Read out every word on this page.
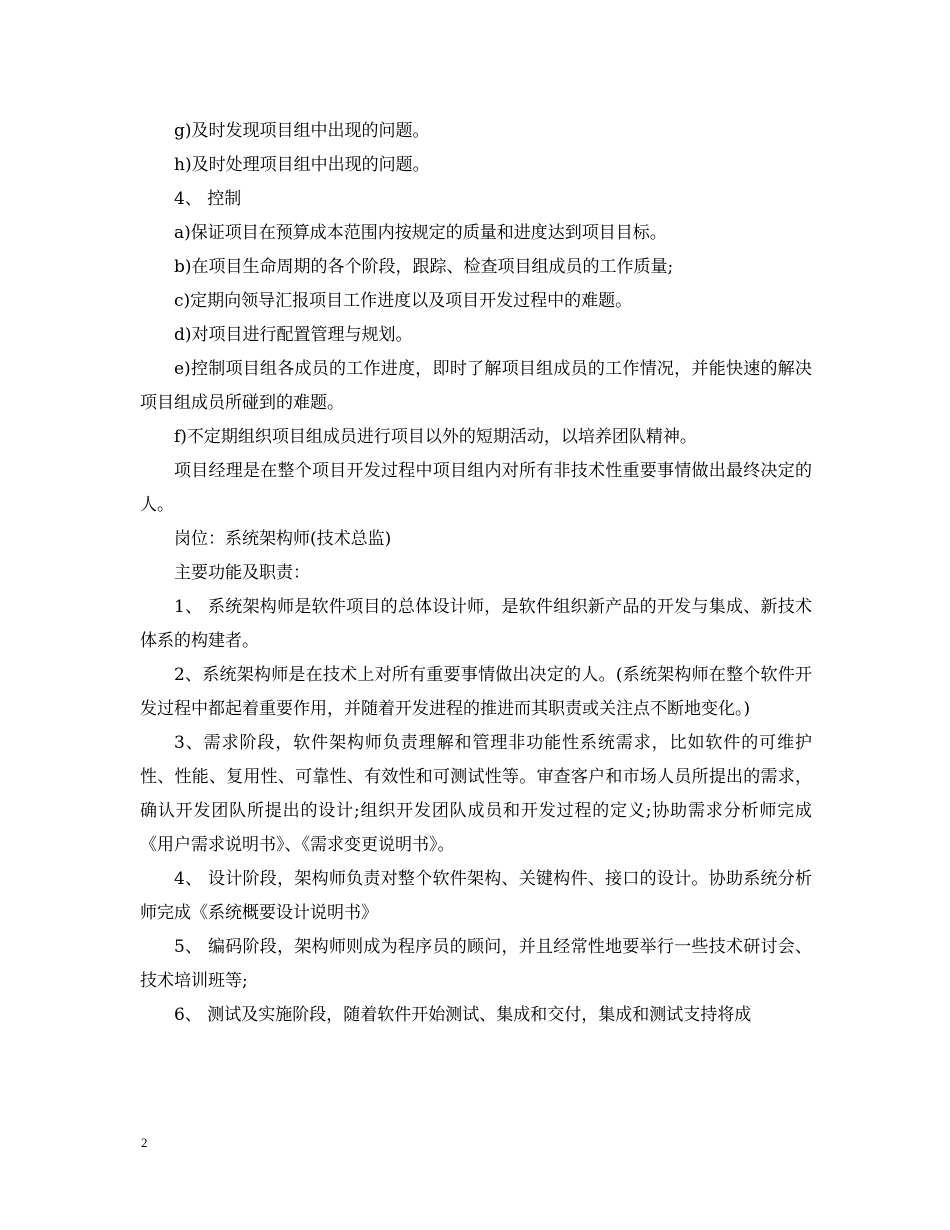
g)及时发现项目组中出现的问题。

h)及时处理项目组中出现的问题。

4、 控制

a)保证项目在预算成本范围内按规定的质量和进度达到项目目标。

b)在项目生命周期的各个阶段，跟踪、检查项目组成员的工作质量;

c)定期向领导汇报项目工作进度以及项目开发过程中的难题。

d)对项目进行配置管理与规划。

e)控制项目组各成员的工作进度，即时了解项目组成员的工作情况，并能快速的解决项目组成员所碰到的难题。

f)不定期组织项目组成员进行项目以外的短期活动，以培养团队精神。

项目经理是在整个项目开发过程中项目组内对所有非技术性重要事情做出最终决定的人。

岗位：系统架构师(技术总监)

主要功能及职责：

1、 系统架构师是软件项目的总体设计师，是软件组织新产品的开发与集成、新技术体系的构建者。

2、系统架构师是在技术上对所有重要事情做出决定的人。(系统架构师在整个软件开发过程中都起着重要作用，并随着开发进程的推进而其职责或关注点不断地变化。)

3、需求阶段，软件架构师负责理解和管理非功能性系统需求，比如软件的可维护性、性能、复用性、可靠性、有效性和可测试性等。审查客户和市场人员所提出的需求，确认开发团队所提出的设计;组织开发团队成员和开发过程的定义;协助需求分析师完成《用户需求说明书》、《需求变更说明书》。

4、 设计阶段，架构师负责对整个软件架构、关键构件、接口的设计。协助系统分析师完成《系统概要设计说明书》

5、 编码阶段，架构师则成为程序员的顾问，并且经常性地要举行一些技术研讨会、技术培训班等;

6、 测试及实施阶段，随着软件开始测试、集成和交付，集成和测试支持将成

2
